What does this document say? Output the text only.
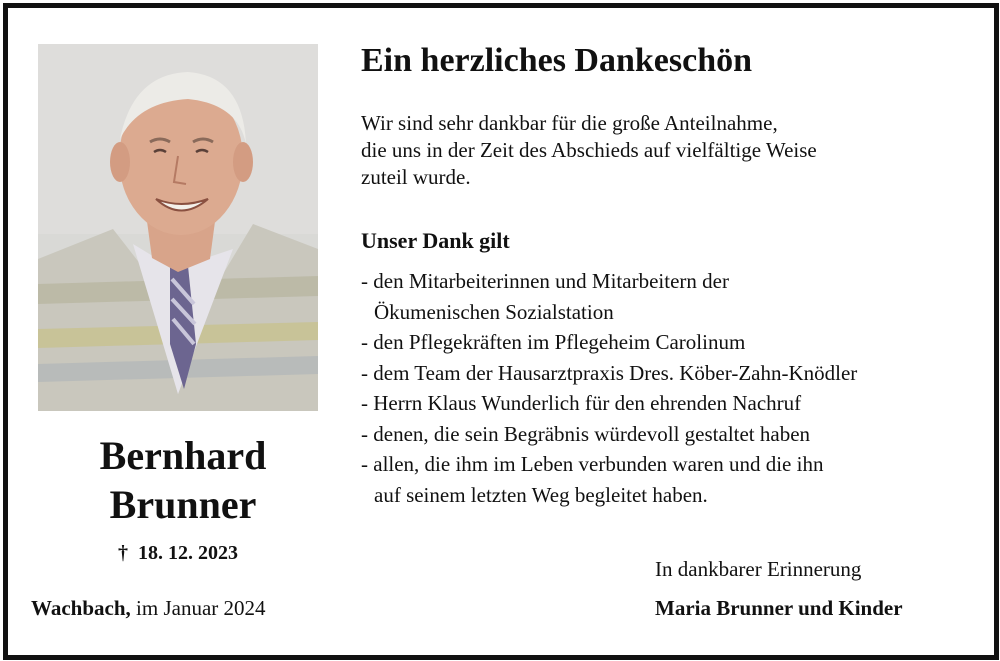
Bernhard
Brunner
† 18. 12. 2023
Wachbach, im Januar 2024
Ein herzliches Dankeschön
Wir sind sehr dankbar für die große Anteilnahme,
die uns in der Zeit des Abschieds auf vielfältige Weise
zuteil wurde.
Unser Dank gilt
- den Mitarbeiterinnen und Mitarbeitern der
Ökumenischen Sozialstation
- den Pflegekräften im Pflegeheim Carolinum
- dem Team der Hausarztpraxis Dres. Köber-Zahn-Knödler
- Herrn Klaus Wunderlich für den ehrenden Nachruf
- denen, die sein Begräbnis würdevoll gestaltet haben
- allen, die ihm im Leben verbunden waren und die ihn
auf seinem letzten Weg begleitet haben.
In dankbarer Erinnerung
Maria Brunner und Kinder
